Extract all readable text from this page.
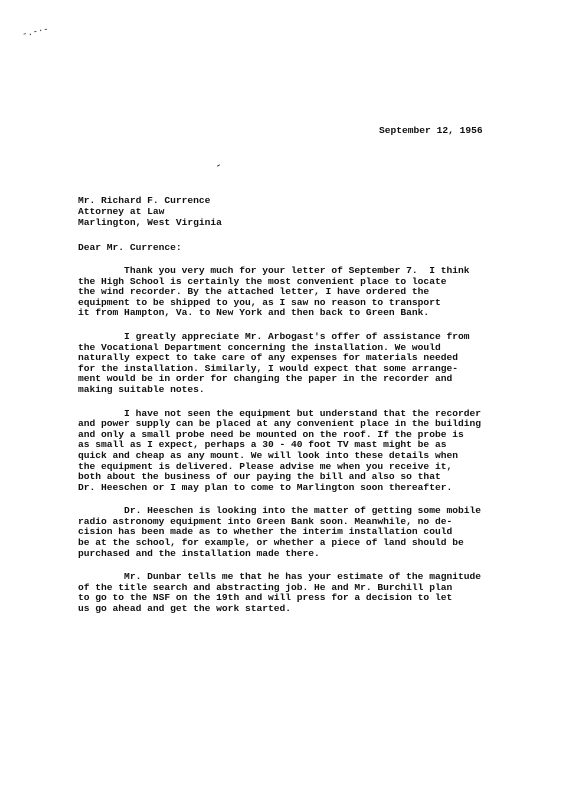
-.-·-
September 12, 1956
Mr. Richard F. Currence
Attorney at Law
Marlington, West Virginia
Dear Mr. Currence:
Thank you very much for your letter of September 7.  I think
the High School is certainly the most convenient place to locate
the wind recorder. By the attached letter, I have ordered the
equipment to be shipped to you, as I saw no reason to transport
it from Hampton, Va. to New York and then back to Green Bank.
I greatly appreciate Mr. Arbogast's offer of assistance from
the Vocational Department concerning the installation. We would
naturally expect to take care of any expenses for materials needed
for the installation. Similarly, I would expect that some arrange-
ment would be in order for changing the paper in the recorder and
making suitable notes.
I have not seen the equipment but understand that the recorder
and power supply can be placed at any convenient place in the building
and only a small probe need be mounted on the roof. If the probe is
as small as I expect, perhaps a 30 - 40 foot TV mast might be as
quick and cheap as any mount. We will look into these details when
the equipment is delivered. Please advise me when you receive it,
both about the business of our paying the bill and also so that
Dr. Heeschen or I may plan to come to Marlington soon thereafter.
Dr. Heeschen is looking into the matter of getting some mobile
radio astronomy equipment into Green Bank soon. Meanwhile, no de-
cision has been made as to whether the interim installation could
be at the school, for example, or whether a piece of land should be
purchased and the installation made there.
Mr. Dunbar tells me that he has your estimate of the magnitude
of the title search and abstracting job. He and Mr. Burchill plan
to go to the NSF on the 19th and will press for a decision to let
us go ahead and get the work started.
